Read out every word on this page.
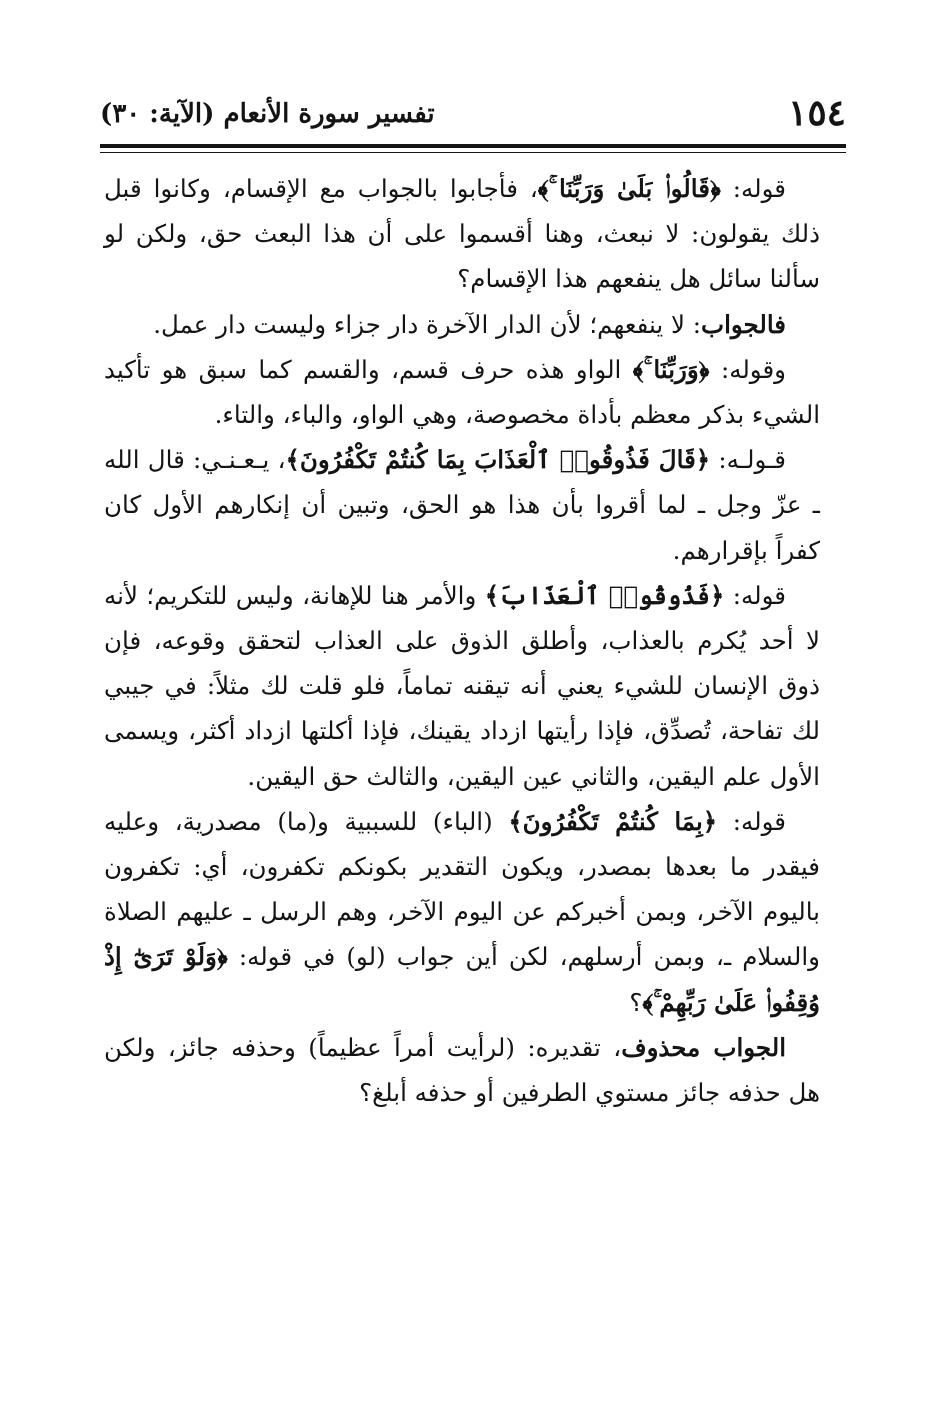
١٥٤
تفسير سورة الأنعام (الآية: ٣٠)

قوله: ﴿قَالُوا۟ بَلَىٰ وَرَبِّنَا ۚ﴾، فأجابوا بالجواب مع الإقسام، وكانوا قبل ذلك يقولون: لا نبعث، وهنا أقسموا على أن هذا البعث حق، ولكن لو سألنا سائل هل ينفعهم هذا الإقسام؟

فالجواب: لا ينفعهم؛ لأن الدار الآخرة دار جزاء وليست دار عمل.

وقوله: ﴿وَرَبِّنَا ۚ﴾ الواو هذه حرف قسم، والقسم كما سبق هو تأكيد الشيء بذكر معظم بأداة مخصوصة، وهي الواو، والباء، والتاء.

قـولـه: ﴿قَالَ فَذُوقُوا۟ ٱلْعَذَابَ بِمَا كُنتُمْ تَكْفُرُونَ﴾، يـعـنـي: قال الله ـ عزّ وجل ـ لما أقروا بأن هذا هو الحق، وتبين أن إنكارهم الأول كان كفراً بإقرارهم.

قوله: ﴿فَذُوقُوا۟ ٱلْعَذَابَ﴾ والأمر هنا للإهانة، وليس للتكريم؛ لأنه لا أحد يُكرم بالعذاب، وأطلق الذوق على العذاب لتحقق وقوعه، فإن ذوق الإنسان للشيء يعني أنه تيقنه تماماً، فلو قلت لك مثلاً: في جيبي لك تفاحة، تُصدِّق، فإذا رأيتها ازداد يقينك، فإذا أكلتها ازداد أكثر، ويسمى الأول علم اليقين، والثاني عين اليقين، والثالث حق اليقين.

قوله: ﴿بِمَا كُنتُمْ تَكْفُرُونَ﴾ (الباء) للسببية و(ما) مصدرية، وعليه فيقدر ما بعدها بمصدر، ويكون التقدير بكونكم تكفرون، أي: تكفرون باليوم الآخر، وبمن أخبركم عن اليوم الآخر، وهم الرسل ـ عليهم الصلاة والسلام ـ، وبمن أرسلهم، لكن أين جواب (لو) في قوله: ﴿وَلَوْ تَرَىٰٓ إِذْ وُقِفُوا۟ عَلَىٰ رَبِّهِمْ ۚ﴾؟

الجواب محذوف، تقديره: (لرأيت أمراً عظيماً) وحذفه جائز، ولكن هل حذفه جائز مستوي الطرفين أو حذفه أبلغ؟
